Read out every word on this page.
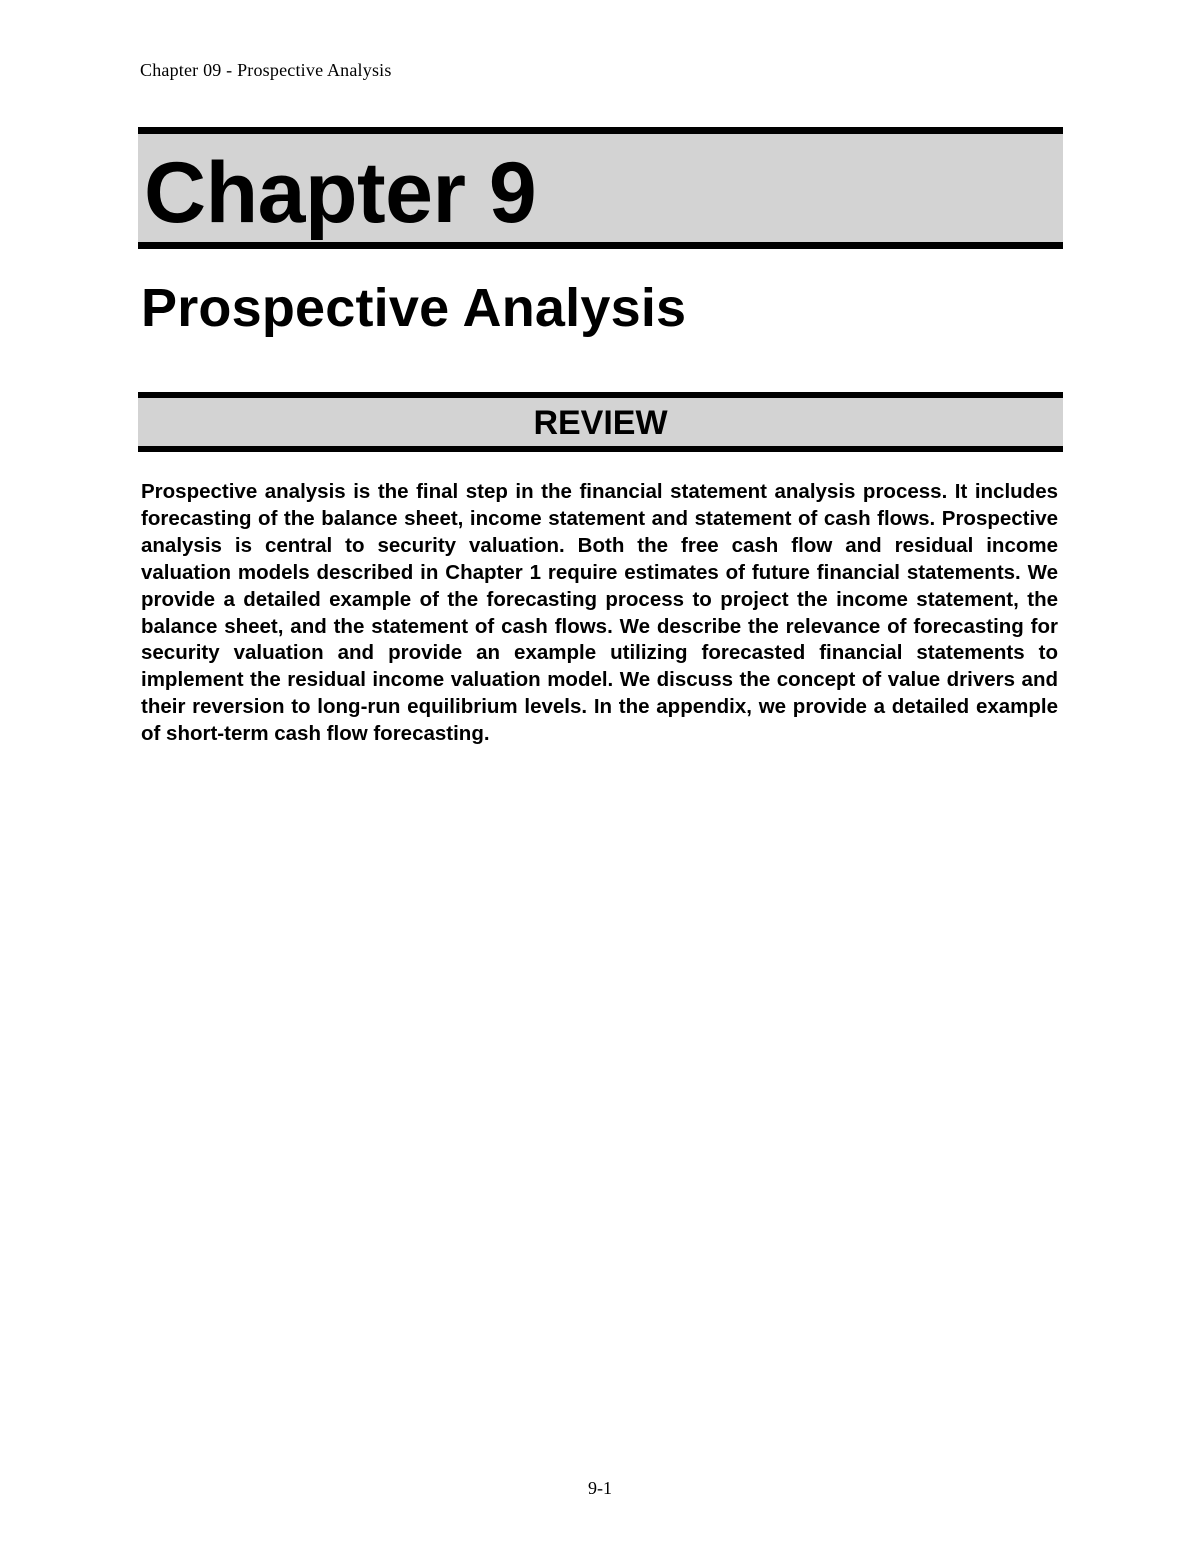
Chapter 09 - Prospective Analysis
Chapter 9
Prospective Analysis
REVIEW

Prospective analysis is the final step in the financial statement analysis process. It includes forecasting of the balance sheet, income statement and statement of cash flows. Prospective analysis is central to security valuation. Both the free cash flow and residual income valuation models described in Chapter 1 require estimates of future financial statements. We provide a detailed example of the forecasting process to project the income statement, the balance sheet, and the statement of cash flows. We describe the relevance of forecasting for security valuation and provide an example utilizing forecasted financial statements to implement the residual income valuation model. We discuss the concept of value drivers and their reversion to long-run equilibrium levels. In the appendix, we provide a detailed example of short-term cash flow forecasting.

9-1
